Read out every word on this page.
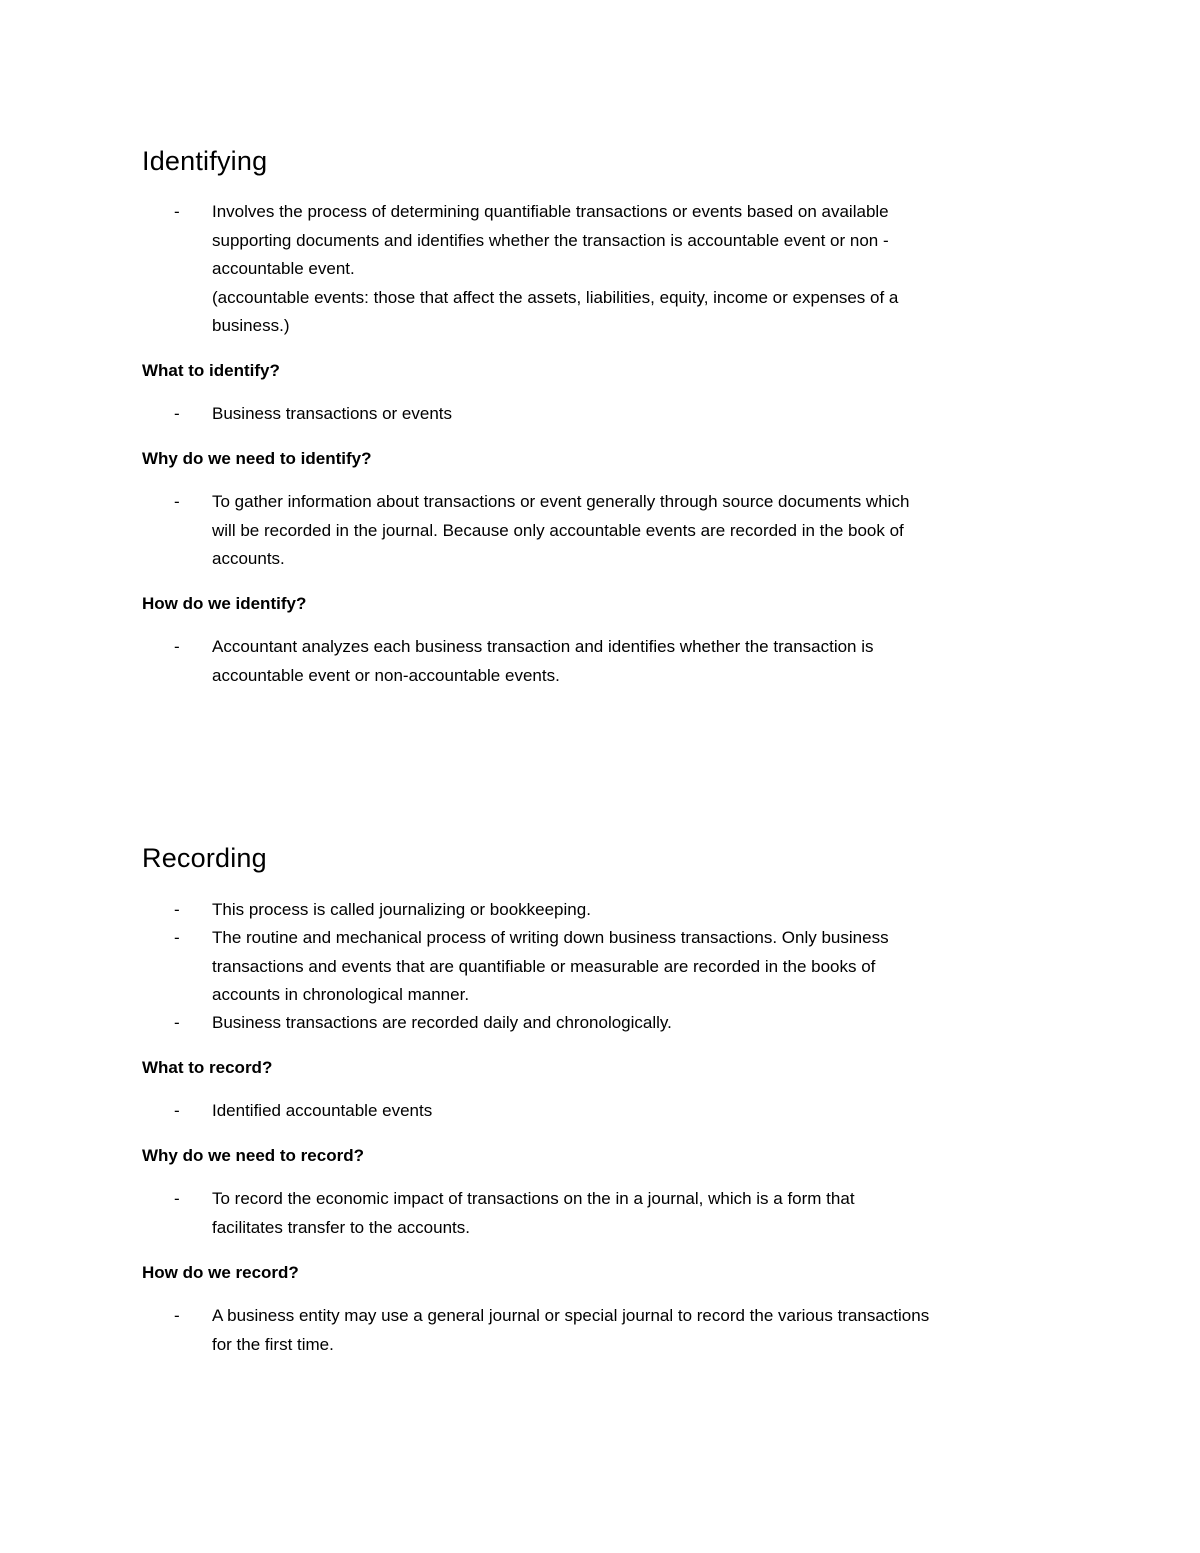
Identifying
-	Involves the process of determining quantifiable transactions or events based on available
supporting documents and identifies whether the transaction is accountable event or non -
accountable event.
(accountable events: those that affect the assets, liabilities, equity, income or expenses of a
business.)

What to identify?

-	Business transactions or events

Why do we need to identify?

-	To gather information about transactions or event generally through source documents which
will be recorded in the journal. Because only accountable events are recorded in the book of
accounts.

How do we identify?

-	Accountant analyzes each business transaction and identifies whether the transaction is
accountable event or non-accountable events.
Recording
-	This process is called journalizing or bookkeeping.
-	The routine and mechanical process of writing down business transactions. Only business
transactions and events that are quantifiable or measurable are recorded in the books of
accounts in chronological manner.
-	Business transactions are recorded daily and chronologically.

What to record?

-	Identified accountable events

Why do we need to record?

-	To record the economic impact of transactions on the in a journal, which is a form that
facilitates transfer to the accounts.

How do we record?

-	A business entity may use a general journal or special journal to record the various transactions
for the first time.
